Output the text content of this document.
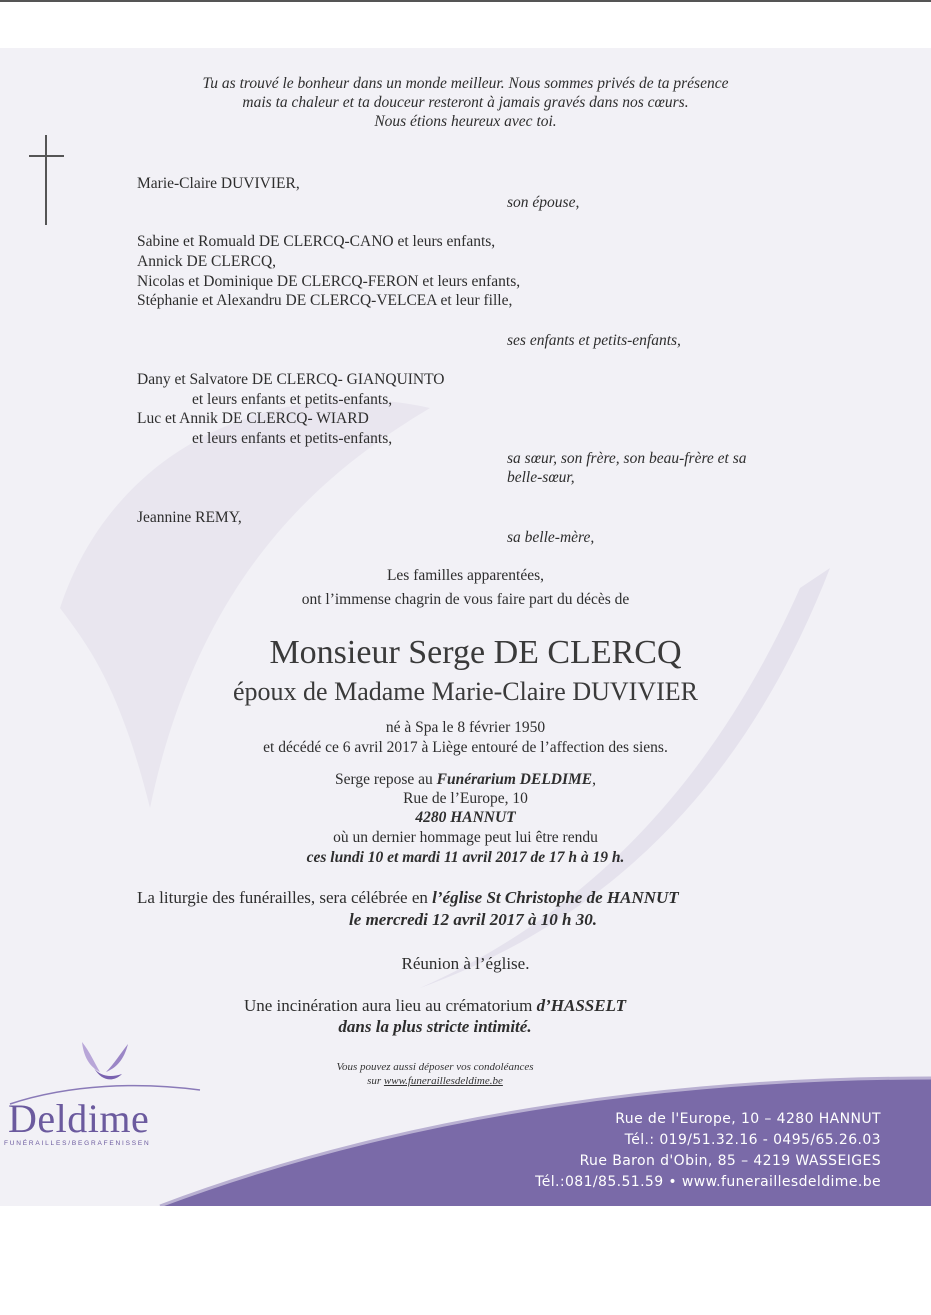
Tu as trouvé le bonheur dans un monde meilleur. Nous sommes privés de ta présence
mais ta chaleur et ta douceur resteront à jamais gravés dans nos cœurs.
Nous étions heureux avec toi.
Marie-Claire DUVIVIER,
son épouse,
Sabine et Romuald DE CLERCQ-CANO et leurs enfants,
Annick DE CLERCQ,
Nicolas et Dominique DE CLERCQ-FERON et leurs enfants,
Stéphanie et Alexandru DE CLERCQ-VELCEA et leur fille,
ses enfants et petits-enfants,
Dany et Salvatore DE CLERCQ- GIANQUINTO
et leurs enfants et petits-enfants,
Luc et Annik DE CLERCQ- WIARD
et leurs enfants et petits-enfants,
sa sœur, son frère, son beau-frère et sa
belle-sœur,
Jeannine REMY,
sa belle-mère,
Les familles apparentées,
ont l’immense chagrin de vous faire part du décès de
Monsieur Serge DE CLERCQ
époux de Madame Marie-Claire DUVIVIER
né à Spa le 8 février 1950
et décédé ce 6 avril 2017 à Liège entouré de l’affection des siens.
Serge repose au Funérarium DELDIME,
Rue de l’Europe, 10
4280 HANNUT
où un dernier hommage peut lui être rendu
ces lundi 10 et mardi 11 avril 2017 de 17 h à 19 h.
La liturgie des funérailles, sera célébrée en l’église St Christophe de HANNUT
le mercredi 12 avril 2017 à 10 h 30.
Réunion à l’église.
Une incinération aura lieu au crématorium d’HASSELT
dans la plus stricte intimité.
Vous pouvez aussi déposer vos condoléances
sur www.funeraillesdeldime.be
Deldime
FUNÉRAILLES/BEGRAFENISSEN
Rue de l'Europe, 10 – 4280 HANNUT
Tél.: 019/51.32.16 - 0495/65.26.03
Rue Baron d'Obin, 85 – 4219 WASSEIGES
Tél.:081/85.51.59 • www.funeraillesdeldime.be
